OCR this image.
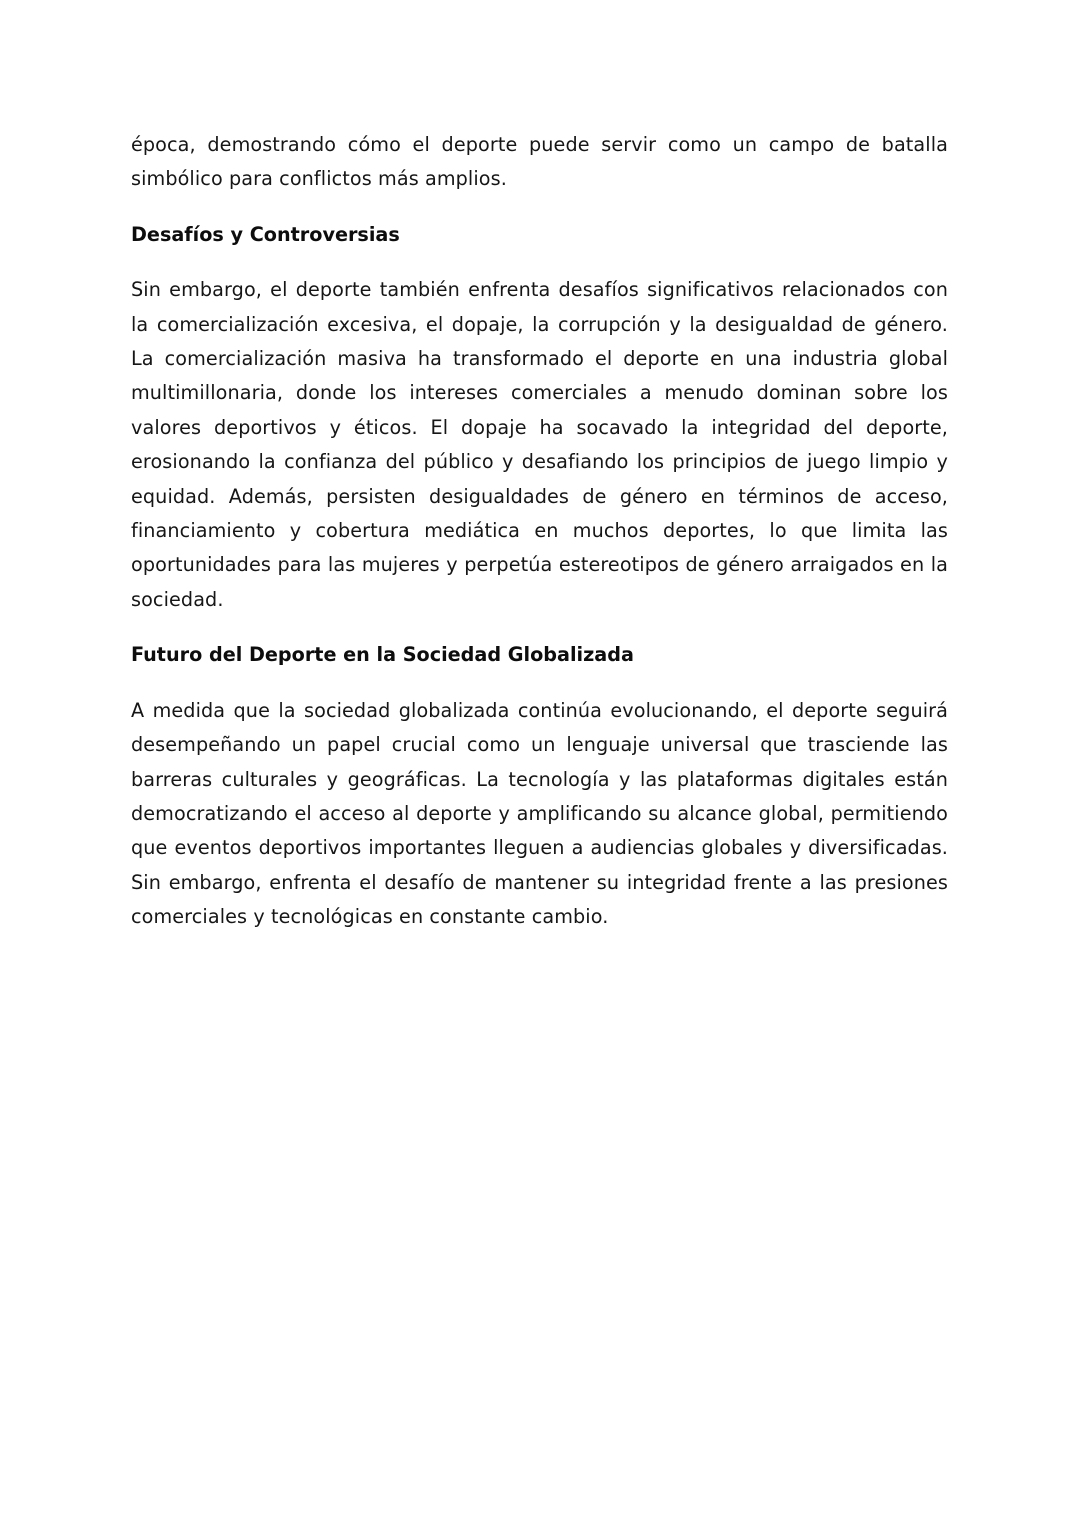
época, demostrando cómo el deporte puede servir como un campo de batalla simbólico para conflictos más amplios.

Desafíos y Controversias

Sin embargo, el deporte también enfrenta desafíos significativos relacionados con la comercialización excesiva, el dopaje, la corrupción y la desigualdad de género. La comercialización masiva ha transformado el deporte en una industria global multimillonaria, donde los intereses comerciales a menudo dominan sobre los valores deportivos y éticos. El dopaje ha socavado la integridad del deporte, erosionando la confianza del público y desafiando los principios de juego limpio y equidad. Además, persisten desigualdades de género en términos de acceso, financiamiento y cobertura mediática en muchos deportes, lo que limita las oportunidades para las mujeres y perpetúa estereotipos de género arraigados en la sociedad.

Futuro del Deporte en la Sociedad Globalizada

A medida que la sociedad globalizada continúa evolucionando, el deporte seguirá desempeñando un papel crucial como un lenguaje universal que trasciende las barreras culturales y geográficas. La tecnología y las plataformas digitales están democratizando el acceso al deporte y amplificando su alcance global, permitiendo que eventos deportivos importantes lleguen a audiencias globales y diversificadas. Sin embargo, enfrenta el desafío de mantener su integridad frente a las presiones comerciales y tecnológicas en constante cambio.
